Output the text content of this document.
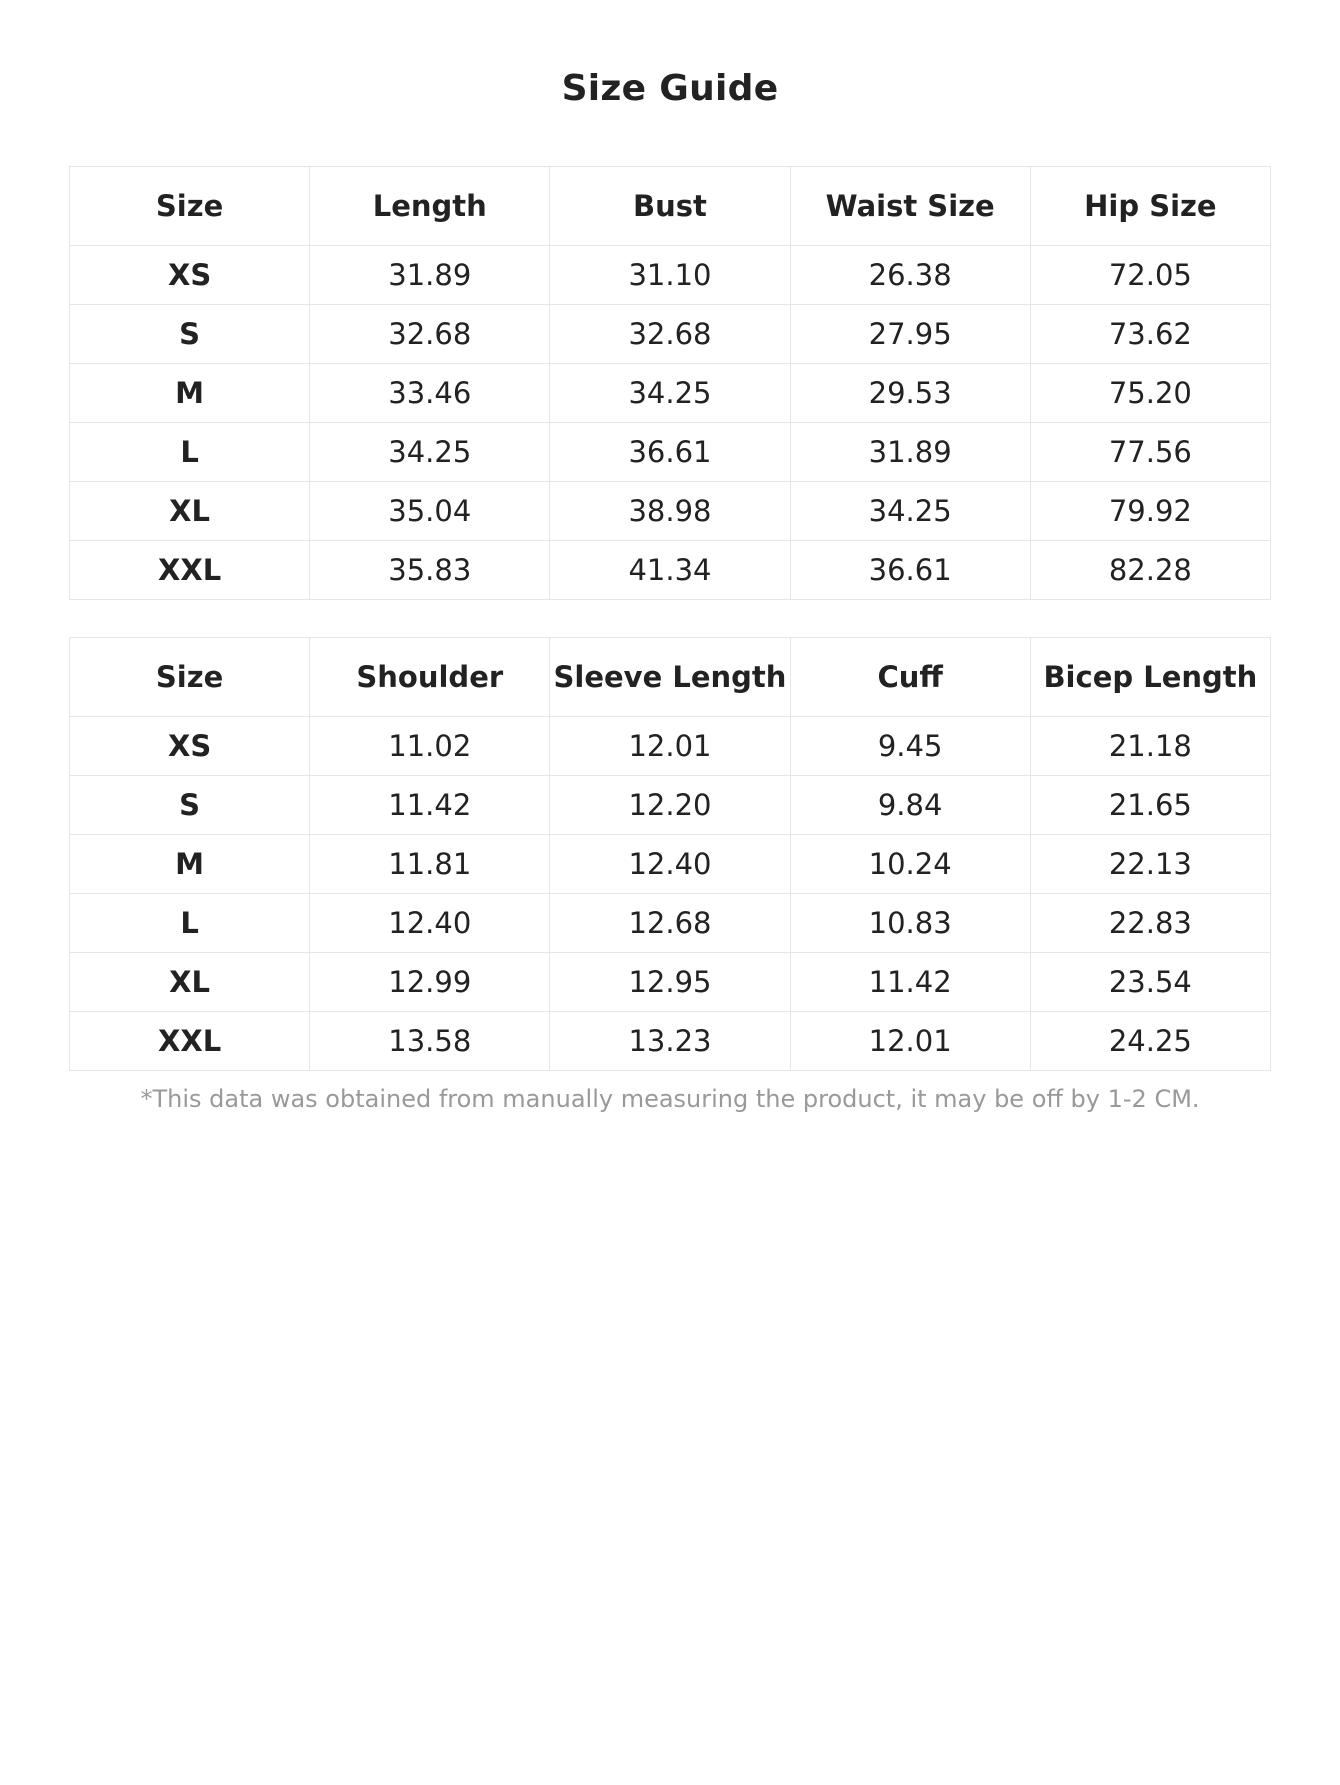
Size Guide
Size	Length	Bust	Waist Size	Hip Size
XS	31.89	31.10	26.38	72.05
S	32.68	32.68	27.95	73.62
M	33.46	34.25	29.53	75.20
L	34.25	36.61	31.89	77.56
XL	35.04	38.98	34.25	79.92
XXL	35.83	41.34	36.61	82.28
Size	Shoulder	Sleeve Length	Cuff	Bicep Length
XS	11.02	12.01	9.45	21.18
S	11.42	12.20	9.84	21.65
M	11.81	12.40	10.24	22.13
L	12.40	12.68	10.83	22.83
XL	12.99	12.95	11.42	23.54
XXL	13.58	13.23	12.01	24.25
*This data was obtained from manually measuring the product, it may be off by 1-2 CM.
